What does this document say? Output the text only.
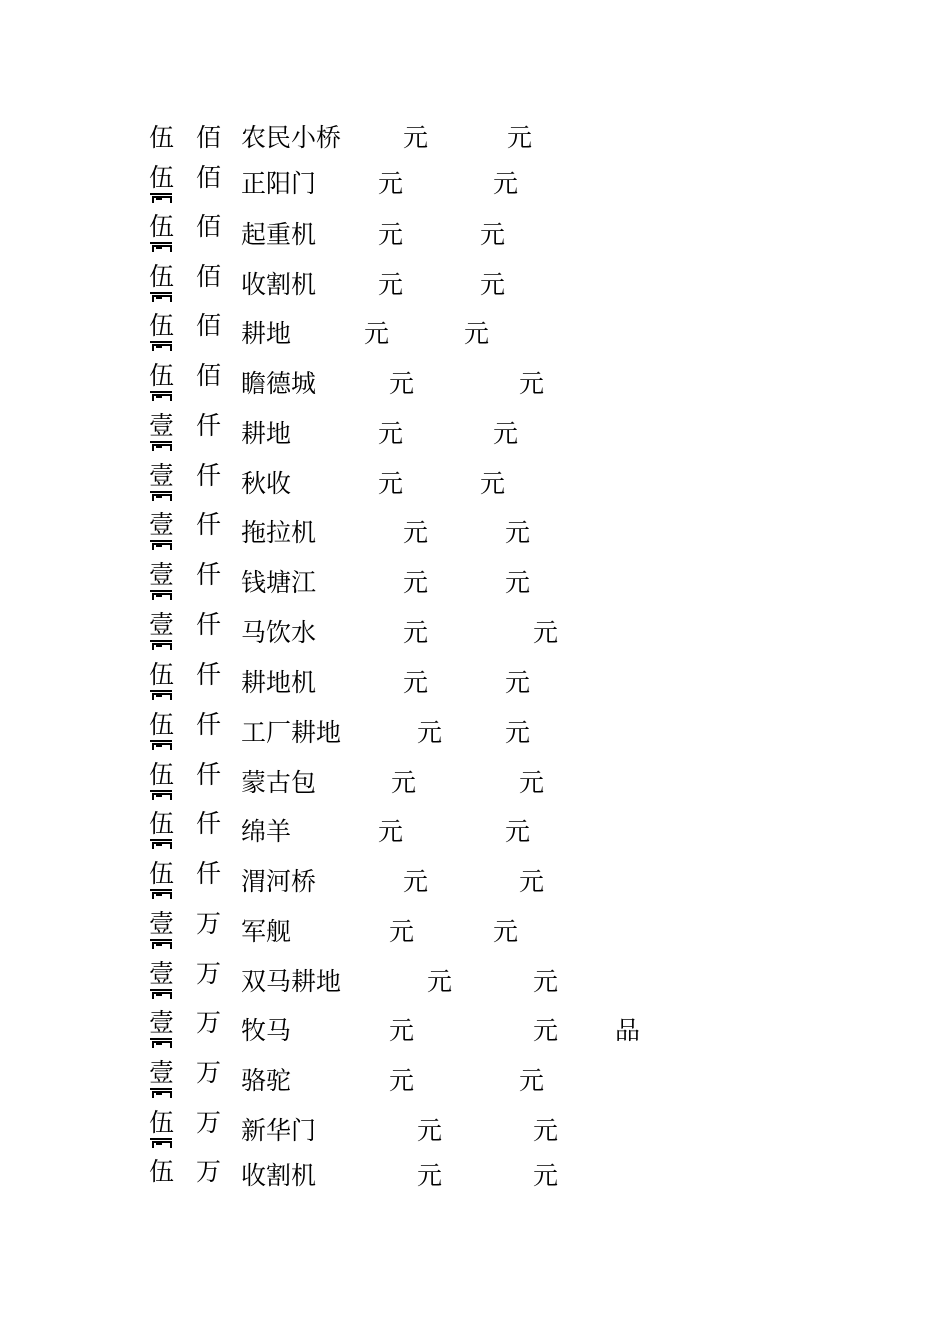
伍 佰 农民小桥 元	元
伍 佰 正阳门 元	元
伍 佰 起重机 元	元
伍 佰 收割机 元	元
伍 佰 耕地	元	元
伍 佰 瞻德城	元	元
壹 仟 耕地	元	元
壹 仟 秋收	元	元
壹 仟 拖拉机	元	元
壹 仟 钱塘江	元	元
壹 仟 马饮水	元	元
伍 仟 耕地机	元	元
伍 仟 工厂耕地	元	元
伍 仟 蒙古包	元	元
伍 仟 绵羊	元	元
伍 仟 渭河桥	元	元
壹 万 军舰	元	元
壹 万 双马耕地	元	元
壹 万 牧马	元	元 品
壹 万 骆驼	元	元
伍 万 新华门	元	元
伍 万 收割机	元	元
